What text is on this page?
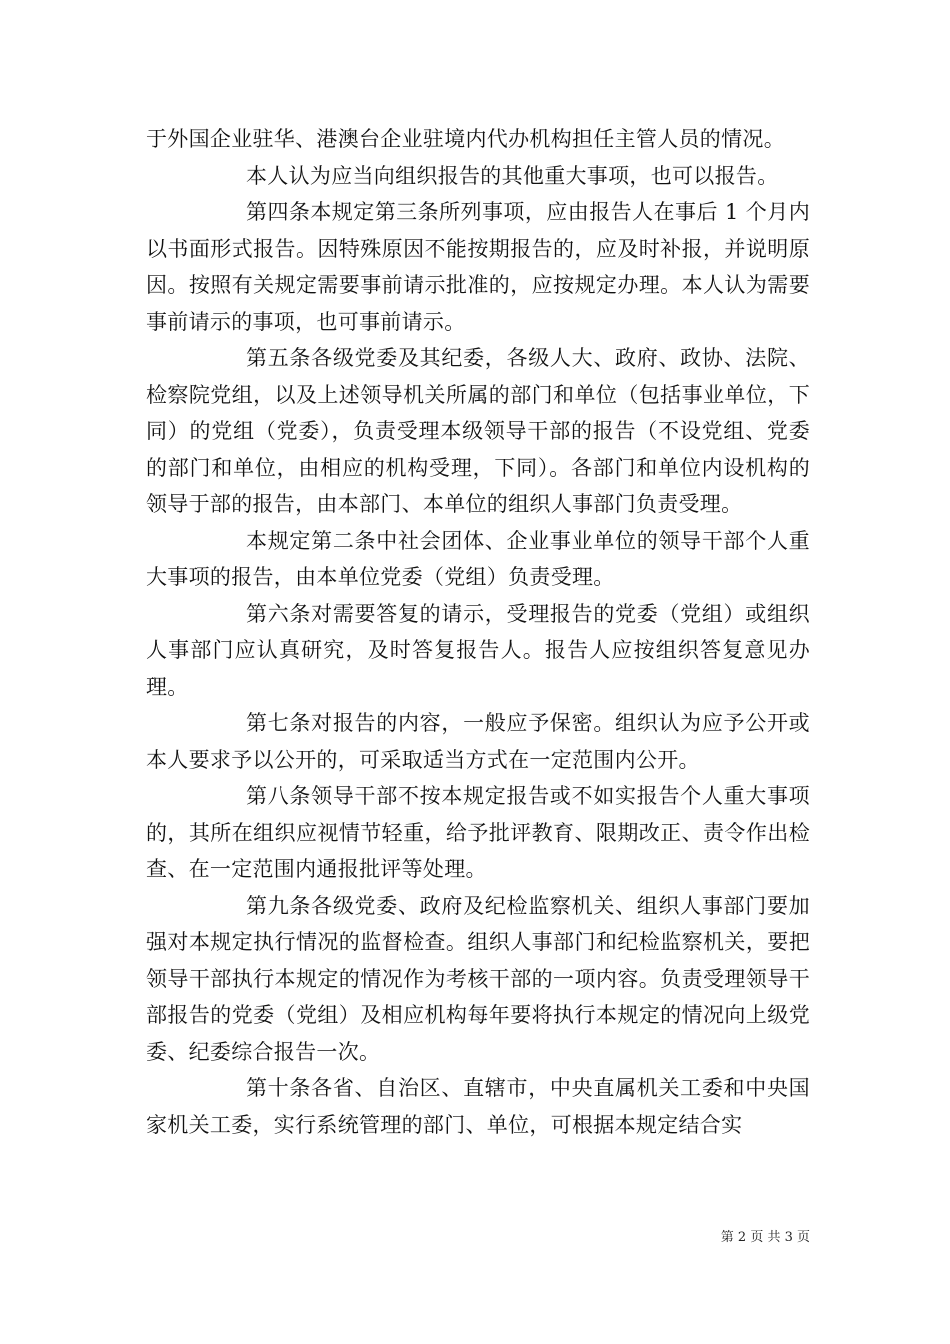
于外国企业驻华、港澳台企业驻境内代办机构担任主管人员的情况。

本人认为应当向组织报告的其他重大事项，也可以报告。

第四条本规定第三条所列事项，应由报告人在事后 1 个月内以书面形式报告。因特殊原因不能按期报告的，应及时补报，并说明原因。按照有关规定需要事前请示批准的，应按规定办理。本人认为需要事前请示的事项，也可事前请示。

第五条各级党委及其纪委，各级人大、政府、政协、法院、检察院党组，以及上述领导机关所属的部门和单位（包括事业单位，下同）的党组（党委），负责受理本级领导干部的报告（不设党组、党委的部门和单位，由相应的机构受理，下同）。各部门和单位内设机构的领导于部的报告，由本部门、本单位的组织人事部门负责受理。

本规定第二条中社会团体、企业事业单位的领导干部个人重大事项的报告，由本单位党委（党组）负责受理。

第六条对需要答复的请示，受理报告的党委（党组）或组织人事部门应认真研究，及时答复报告人。报告人应按组织答复意见办理。

第七条对报告的内容，一般应予保密。组织认为应予公开或本人要求予以公开的，可采取适当方式在一定范围内公开。

第八条领导干部不按本规定报告或不如实报告个人重大事项的，其所在组织应视情节轻重，给予批评教育、限期改正、责令作出检查、在一定范围内通报批评等处理。

第九条各级党委、政府及纪检监察机关、组织人事部门要加强对本规定执行情况的监督检查。组织人事部门和纪检监察机关，要把领导干部执行本规定的情况作为考核干部的一项内容。负责受理领导干部报告的党委（党组）及相应机构每年要将执行本规定的情况向上级党委、纪委综合报告一次。

第十条各省、自治区、直辖市，中央直属机关工委和中央国家机关工委，实行系统管理的部门、单位，可根据本规定结合实

第 2 页 共 3 页
